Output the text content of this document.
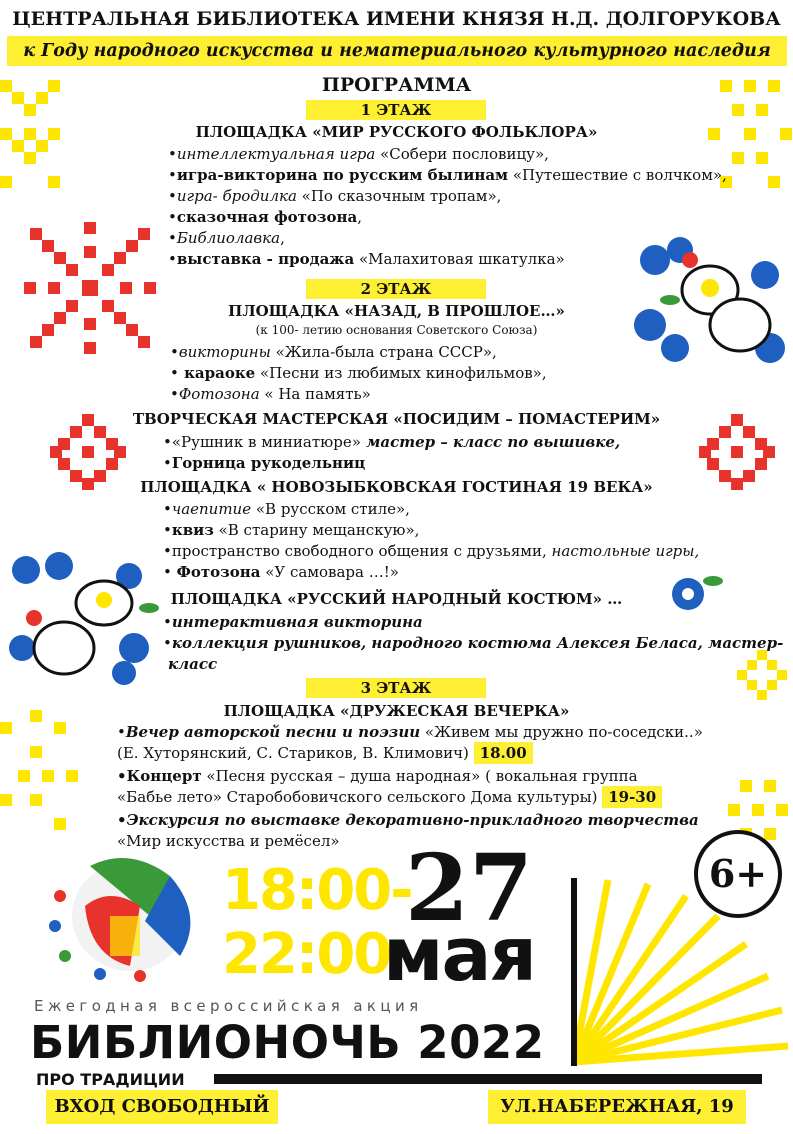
ЦЕНТРАЛЬНАЯ БИБЛИОТЕКА ИМЕНИ КНЯЗЯ Н.Д. ДОЛГОРУКОВА
к Году народного искусства и нематериального культурного наследия
ПРОГРАММА
1 ЭТАЖ
ПЛОЩАДКА «МИР РУССКОГО ФОЛЬКЛОРА»
•интеллектуальная игра «Собери пословицу»,
•игра-викторина по русским былинам «Путешествие с волчком»,
•игра- бродилка «По сказочным тропам»,
•сказочная фотозона,
•Библиолавка,
•выставка - продажа «Малахитовая шкатулка»
2 ЭТАЖ
ПЛОЩАДКА «НАЗАД, В ПРОШЛОЕ…»
(к 100- летию основания Советского Союза)
•викторины «Жила-была страна СССР»,
• караоке «Песни из любимых кинофильмов»,
•Фотозона « На память»
ТВОРЧЕСКАЯ МАСТЕРСКАЯ «ПОСИДИМ – ПОМАСТЕРИМ»
•«Рушник в миниатюре» мастер – класс по вышивке,
•Горница рукодельниц
ПЛОЩАДКА « НОВОЗЫБКОВСКАЯ ГОСТИНАЯ 19 ВЕКА»
•чаепитие «В русском стиле»,
•квиз «В старину мещанскую»,
•пространство свободного общения с друзьями, настольные игры,
• Фотозона «У самовара …!»
ПЛОЩАДКА «РУССКИЙ НАРОДНЫЙ КОСТЮМ» …
•интерактивная викторина
•коллекция рушников, народного костюма Алексея Беласа, мастер-
класс
3 ЭТАЖ
ПЛОЩАДКА «ДРУЖЕСКАЯ ВЕЧЕРКА»
•Вечер авторской песни и поэзии «Живем мы дружно по-соседски..»
(Е. Хуторянский, С. Стариков, В. Климович) 18.00
•Концерт «Песня русская – душа народная» ( вокальная группа
«Бабье лето» Старобобовичского сельского Дома культуры) 19-30
•Экскурсия по выставке декоративно-прикладного творчества
«Мир искусства и ремёсел»
18:00-
22:00
27
мая
6+
Ежегодная всероссийская акция
БИБЛИОНОЧЬ 2022
ПРО ТРАДИЦИИ
ВХОД СВОБОДНЫЙ	УЛ.НАБЕРЕЖНАЯ, 19
